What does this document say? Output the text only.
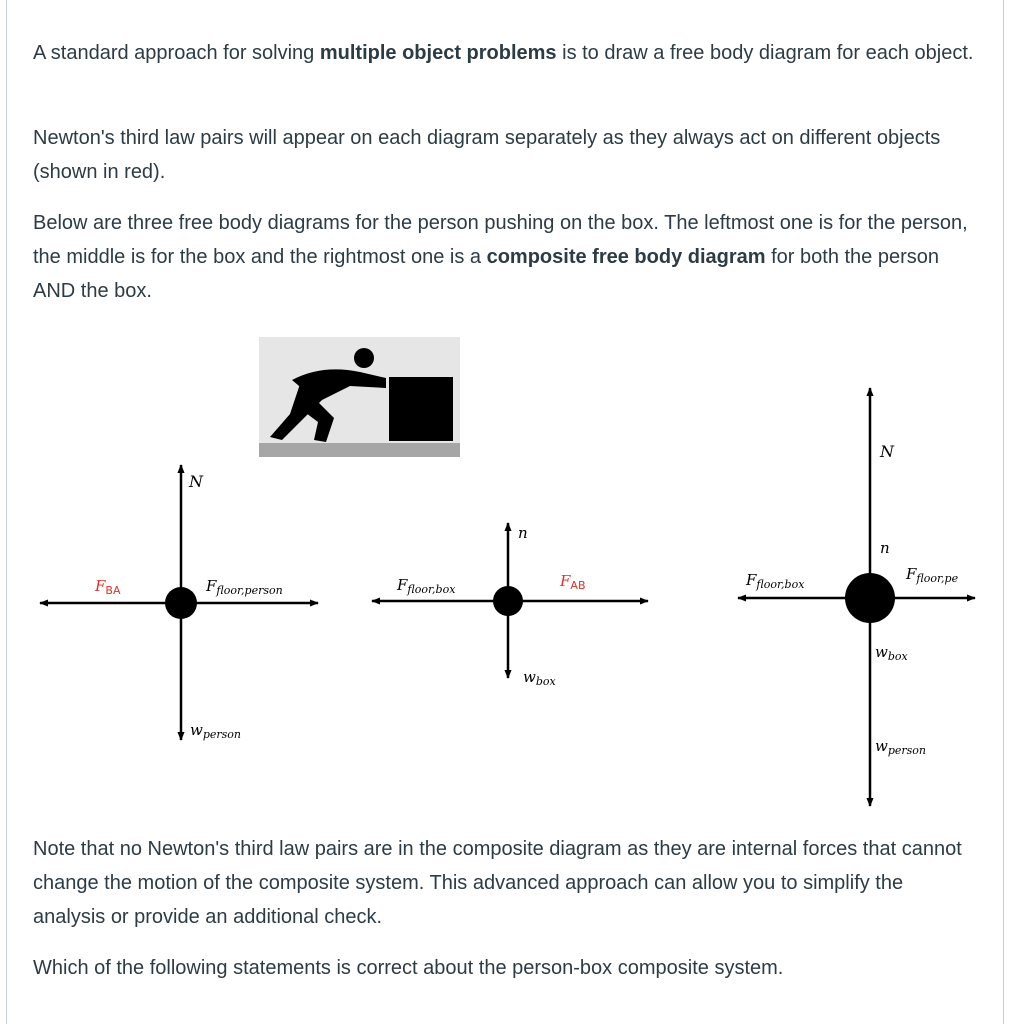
A standard approach for solving multiple object problems is to draw a free body diagram for each object.

Newton's third law pairs will appear on each diagram separately as they always act on different objects (shown in red).

Below are three free body diagrams for the person pushing on the box. The leftmost one is for the person, the middle is for the box and the rightmost one is a composite free body diagram for both the person AND the box.

N
$F_{BA}$	$F_{floor,person}$
$w_{person}$
n
$F_{floor,box}$	$F_{AB}$
$w_{box}$
N
n
$F_{floor,box}$
$F_{floor,pe}$
$w_{box}$
$w_{person}$

Note that no Newton's third law pairs are in the composite diagram as they are internal forces that cannot change the motion of the composite system. This advanced approach can allow you to simplify the analysis or provide an additional check.

Which of the following statements is correct about the person-box composite system.
